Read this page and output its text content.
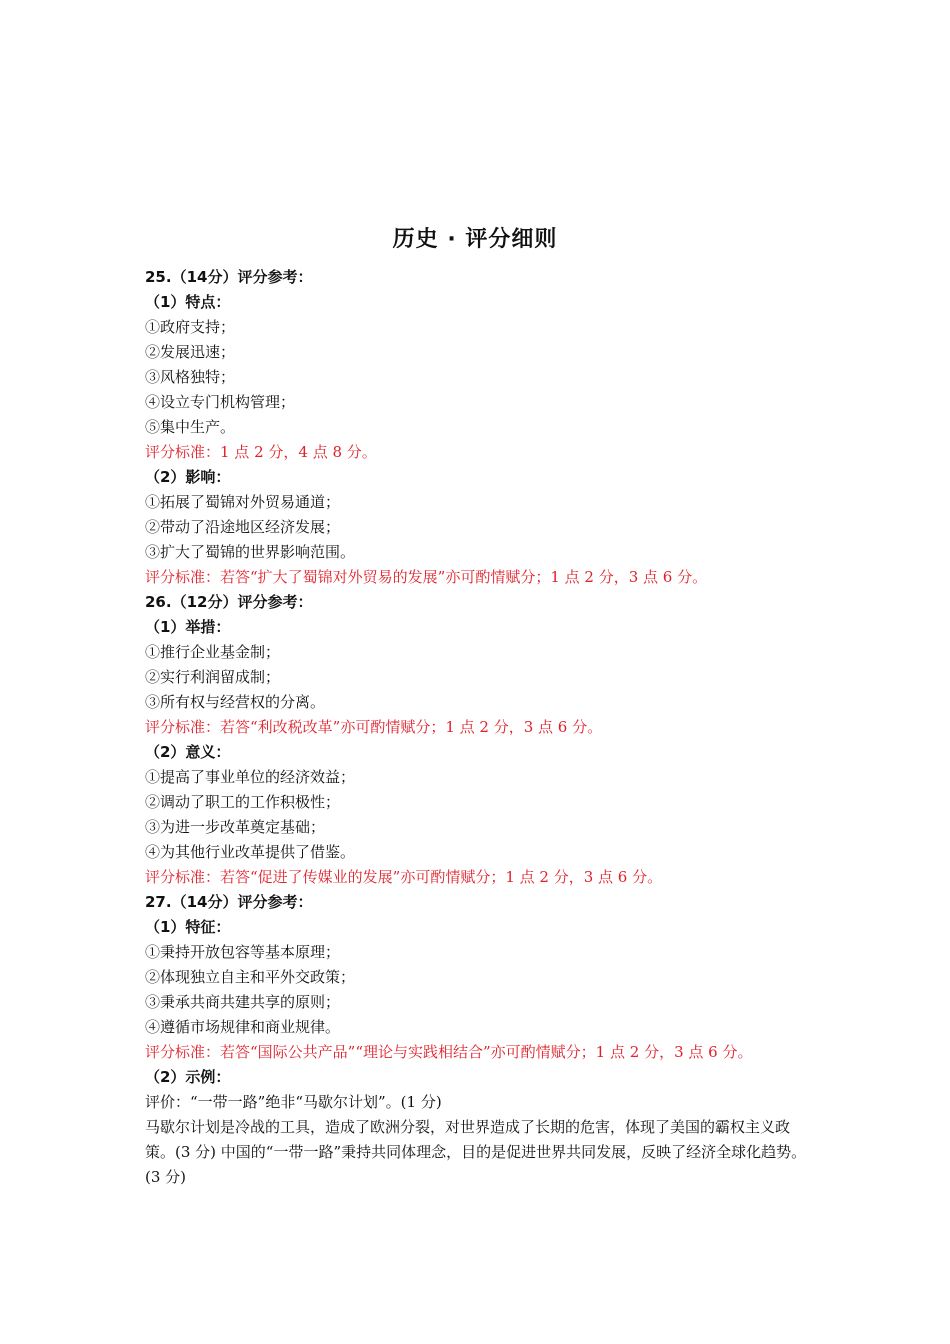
历史 · 评分细则

25.（14分）评分参考：

（1）特点：

①政府支持；

②发展迅速；

③风格独特；

④设立专门机构管理；

⑤集中生产。

评分标准：1 点 2 分，4 点 8 分。

（2）影响：

①拓展了蜀锦对外贸易通道；

②带动了沿途地区经济发展；

③扩大了蜀锦的世界影响范围。

评分标准：若答“扩大了蜀锦对外贸易的发展”亦可酌情赋分；1 点 2 分，3 点 6 分。

26.（12分）评分参考：

（1）举措：

①推行企业基金制；

②实行利润留成制；

③所有权与经营权的分离。

评分标准：若答“利改税改革”亦可酌情赋分；1 点 2 分，3 点 6 分。

（2）意义：

①提高了事业单位的经济效益；

②调动了职工的工作积极性；

③为进一步改革奠定基础；

④为其他行业改革提供了借鉴。

评分标准：若答“促进了传媒业的发展”亦可酌情赋分；1 点 2 分，3 点 6 分。

27.（14分）评分参考：

（1）特征：

①秉持开放包容等基本原理；

②体现独立自主和平外交政策；

③秉承共商共建共享的原则；

④遵循市场规律和商业规律。

评分标准：若答“国际公共产品”“理论与实践相结合”亦可酌情赋分；1 点 2 分，3 点 6 分。

（2）示例：

评价：“一带一路”绝非“马歇尔计划”。(1 分)

马歇尔计划是冷战的工具，造成了欧洲分裂，对世界造成了长期的危害，体现了美国的霸权主义政策。(3 分) 中国的“一带一路”秉持共同体理念，目的是促进世界共同发展，反映了经济全球化趋势。(3 分)
